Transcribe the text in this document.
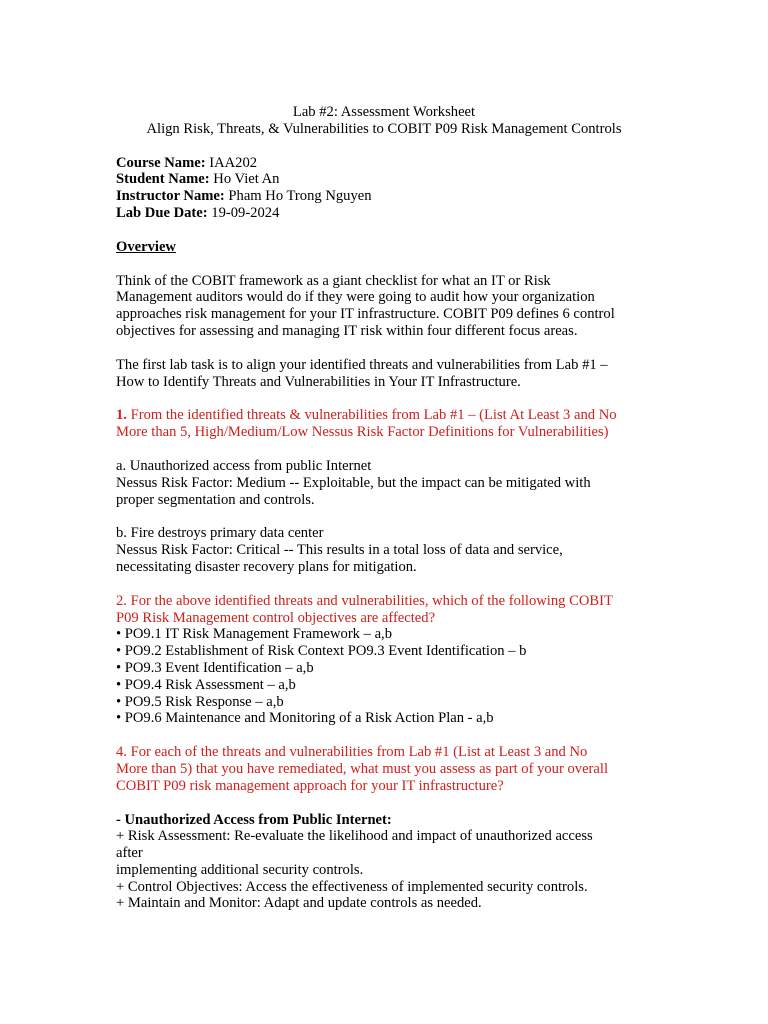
Lab #2: Assessment Worksheet

Align Risk, Threats, & Vulnerabilities to COBIT P09 Risk Management Controls

Course Name: IAA202

Student Name: Ho Viet An

Instructor Name: Pham Ho Trong Nguyen

Lab Due Date: 19-09-2024

Overview

Think of the COBIT framework as a giant checklist for what an IT or Risk

Management auditors would do if they were going to audit how your organization

approaches risk management for your IT infrastructure. COBIT P09 defines 6 control

objectives for assessing and managing IT risk within four different focus areas.

The first lab task is to align your identified threats and vulnerabilities from Lab #1 –

How to Identify Threats and Vulnerabilities in Your IT Infrastructure.

1. From the identified threats & vulnerabilities from Lab #1 – (List At Least 3 and No

More than 5, High/Medium/Low Nessus Risk Factor Definitions for Vulnerabilities)

a. Unauthorized access from public Internet

Nessus Risk Factor: Medium -- Exploitable, but the impact can be mitigated with

proper segmentation and controls.

b. Fire destroys primary data center

Nessus Risk Factor: Critical -- This results in a total loss of data and service,

necessitating disaster recovery plans for mitigation.

2. For the above identified threats and vulnerabilities, which of the following COBIT

P09 Risk Management control objectives are affected?

• PO9.1 IT Risk Management Framework – a,b

• PO9.2 Establishment of Risk Context PO9.3 Event Identification – b

• PO9.3 Event Identification – a,b

• PO9.4 Risk Assessment – a,b

• PO9.5 Risk Response – a,b

• PO9.6 Maintenance and Monitoring of a Risk Action Plan - a,b

4. For each of the threats and vulnerabilities from Lab #1 (List at Least 3 and No

More than 5) that you have remediated, what must you assess as part of your overall

COBIT P09 risk management approach for your IT infrastructure?

- Unauthorized Access from Public Internet:

+ Risk Assessment: Re-evaluate the likelihood and impact of unauthorized access

after

implementing additional security controls.

+ Control Objectives: Access the effectiveness of implemented security controls.

+ Maintain and Monitor: Adapt and update controls as needed.
